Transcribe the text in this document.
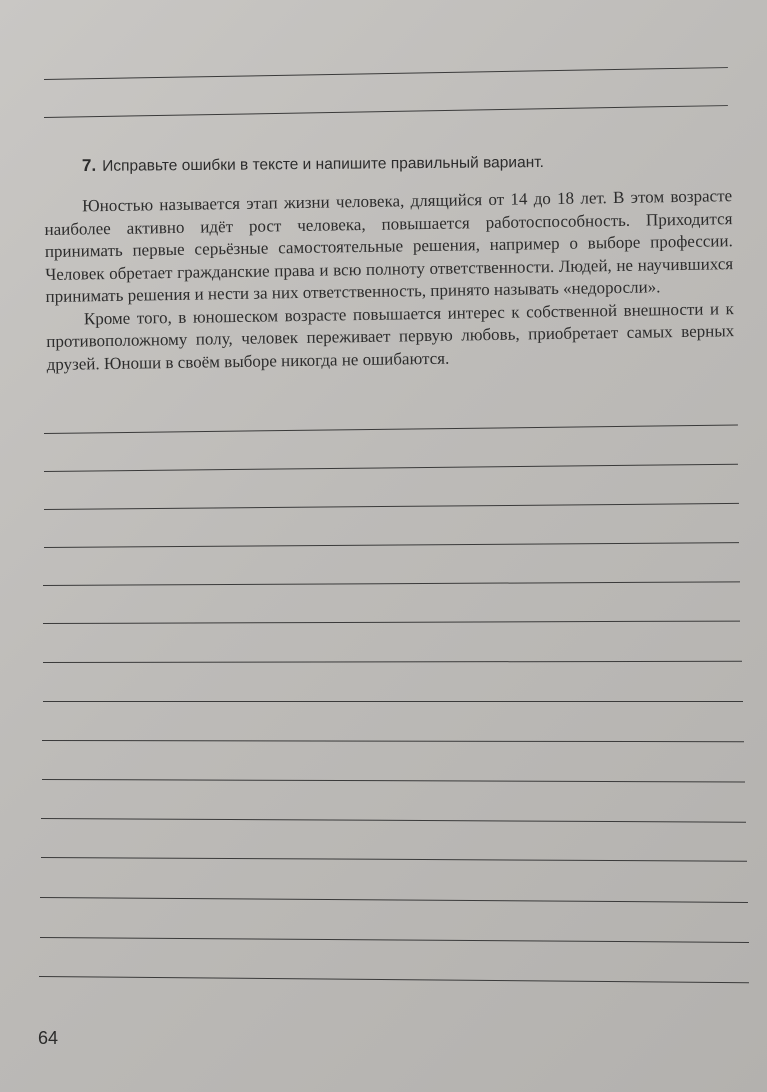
7. Исправьте ошибки в тексте и напишите правильный вариант.

Юностью называется этап жизни человека, длящийся от 14 до 18 лет. В этом возрасте наиболее активно идёт рост человека, повышается работоспособность. Приходится принимать первые серьёзные самостоятельные решения, например о выборе профессии. Человек обретает гражданские права и всю полноту ответственности. Людей, не научившихся принимать решения и нести за них ответственность, принято называть «недоросли».

Кроме того, в юношеском возрасте повышается интерес к собственной внешности и к противоположному полу, человек переживает первую любовь, приобретает самых верных друзей. Юноши в своём выборе никогда не ошибаются.

64
